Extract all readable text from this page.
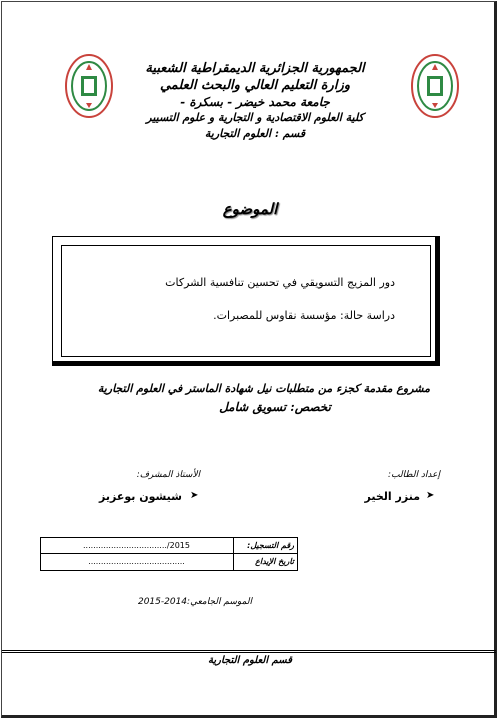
الجمهورية الجزائرية الديمقراطية الشعبية
وزارة التعليم العالي والبحث العلمي
جامعة محمد خيضر - بسكرة -
كلية العلوم الاقتصادية و التجارية و علوم التسيير
قسم : العلوم التجارية
الموضوع
دور المزيج التسويقي في تحسين تنافسية الشركات
دراسة حالة: مؤسسة نقاوس للمصبرات.
مشروع مقدمة كجزء من متطلبات نيل شهادة الماستر في العلوم التجارية
تخصص: تسويق شامل
إعداد الطالب:
الأستاذ المشرف:
➤
➤	منزر الخير
شيشون بوعزيز
رقم التسجيل:
................................./2015
تاريخ الإيداع
......................................
الموسم الجامعي:2014-2015
قسم العلوم التجارية
